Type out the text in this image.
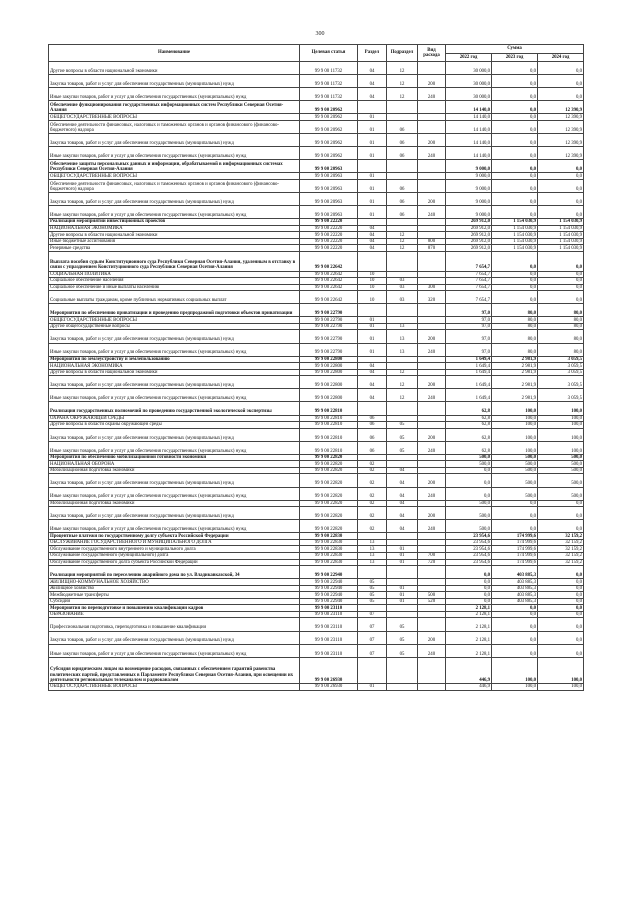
300
Наименование	Целевая статья	Раздел	Подраздел	Вид расхода	Сумма		
					2022 год	2023 год	2024 год
Другие вопросы в области национальной экономики	99 9 00 11732	04	12		30 000,0	0,0	0,0
Закупка товаров, работ и услуг для обеспечения государственных (муниципальных) нужд	99 9 00 11732	04	12	200	30 000,0	0,0	0,0
Иные закупки товаров, работ и услуг для обеспечения государственных (муниципальных) нужд	99 9 00 11732	04	12	240	30 000,0	0,0	0,0
Обеспечение функционирования государственных информационных систем Республики Северная Осетия-Алания	99 9 00 20962				14 140,0	0,0	12 390,9
ОБЩЕГОСУДАРСТВЕННЫЕ ВОПРОСЫ	99 9 00 20962	01			14 140,0	0,0	12 390,9
Обеспечение деятельности финансовых, налоговых и таможенных органов и органов финансового (финансово-бюджетного) надзора	99 9 00 20962	01	06		14 140,0	0,0	12 390,9
Закупка товаров, работ и услуг для обеспечения государственных (муниципальных) нужд	99 9 00 20962	01	06	200	14 140,0	0,0	12 390,9
Иные закупки товаров, работ и услуг для обеспечения государственных (муниципальных) нужд	99 9 00 20962	01	06	240	14 140,0	0,0	12 390,9
Обеспечение защиты персональных данных и информации, обрабатываемой в информационных системах Республики Северная Осетия-Алания	99 9 00 20963				9 000,0	0,0	0,0
ОБЩЕГОСУДАРСТВЕННЫЕ ВОПРОСЫ	99 9 00 20963	01			9 000,0	0,0	0,0
Обеспечение деятельности финансовых, налоговых и таможенных органов и органов финансового (финансово-бюджетного) надзора	99 9 00 20963	01	06		9 000,0	0,0	0,0
Закупка товаров, работ и услуг для обеспечения государственных (муниципальных) нужд	99 9 00 20963	01	06	200	9 000,0	0,0	0,0
Иные закупки товаров, работ и услуг для обеспечения государственных (муниципальных) нужд	99 9 00 20963	01	06	240	9 000,0	0,0	0,0
Реализация мероприятий инвестиционных проектов	99 9 00 22220				269 912,0	1 154 030,9	1 154 030,9
НАЦИОНАЛЬНАЯ ЭКОНОМИКА	99 9 00 22220	04			269 912,0	1 154 030,9	1 154 030,9
Другие вопросы в области национальной экономики	99 9 00 22220	04	12		269 912,0	1 154 030,9	1 154 030,9
Иные бюджетные ассигнования	99 9 00 22220	04	12	800	269 912,0	1 154 030,9	1 154 030,9
Резервные средства	99 9 00 22220	04	12	870	269 912,0	1 154 030,9	1 154 030,9
Выплата пособия судьям Конституционного суда Республики Северная Осетия-Алания, удаленным в отставку в связи с упразднением Конституционного суда Республики Северная Осетия-Алания	99 9 00 22642				7 654,7	0,0	0,0
СОЦИАЛЬНАЯ ПОЛИТИКА	99 9 00 22642	10			7 654,7	0,0	0,0
Социальное обеспечение населения	99 9 00 22642	10	03		7 654,7	0,0	0,0
Социальное обеспечение и иные выплаты населению	99 9 00 22642	10	03	300	7 654,7	0,0	0,0
Социальные выплаты гражданам, кроме публичных нормативных социальных выплат	99 9 00 22642	10	03	320	7 654,7	0,0	0,0
Мероприятия по обеспечению приватизации и проведению предпродажной подготовки объектов приватизации	99 9 00 22790				97,0	80,0	80,0
ОБЩЕГОСУДАРСТВЕННЫЕ ВОПРОСЫ	99 9 00 22790	01			97,0	80,0	80,0
Другие общегосударственные вопросы	99 9 00 22790	01	13		97,0	80,0	80,0
Закупка товаров, работ и услуг для обеспечения государственных (муниципальных) нужд	99 9 00 22790	01	13	200	97,0	80,0	80,0
Иные закупки товаров, работ и услуг для обеспечения государственных (муниципальных) нужд	99 9 00 22790	01	13	240	97,0	80,0	80,0
Мероприятия по землеустройству и землепользованию	99 9 00 22800				1 649,4	2 981,9	3 059,5
НАЦИОНАЛЬНАЯ ЭКОНОМИКА	99 9 00 22800	04			1 649,4	2 981,9	3 059,5
Другие вопросы в области национальной экономики	99 9 00 22800	04	12		1 649,4	2 981,9	3 059,5
Закупка товаров, работ и услуг для обеспечения государственных (муниципальных) нужд	99 9 00 22800	04	12	200	1 649,4	2 981,9	3 059,5
Иные закупки товаров, работ и услуг для обеспечения государственных (муниципальных) нужд	99 9 00 22800	04	12	240	1 649,4	2 981,9	3 059,5
Реализация государственных полномочий по проведению государственной экологической экспертизы	99 9 00 22810				62,8	100,0	100,0
ОХРАНА ОКРУЖАЮЩЕЙ СРЕДЫ	99 9 00 22810	06			62,8	100,0	100,0
Другие вопросы в области охраны окружающей среды	99 9 00 22810	06	05		62,8	100,0	100,0
Закупка товаров, работ и услуг для обеспечения государственных (муниципальных) нужд	99 9 00 22810	06	05	200	62,8	100,0	100,0
Иные закупки товаров, работ и услуг для обеспечения государственных (муниципальных) нужд	99 9 00 22810	06	05	240	62,8	100,0	100,0
Мероприятия по обеспечению мобилизационной готовности экономики	99 9 00 22820				500,0	500,0	500,0
НАЦИОНАЛЬНАЯ ОБОРОНА	99 9 00 22820	02			500,0	500,0	500,0
Мобилизационная подготовка экономики	99 9 00 22820	02	04		0,0	500,0	500,0
Закупка товаров, работ и услуг для обеспечения государственных (муниципальных) нужд	99 9 00 22820	02	04	200	0,0	500,0	500,0
Иные закупки товаров, работ и услуг для обеспечения государственных (муниципальных) нужд	99 9 00 22820	02	04	240	0,0	500,0	500,0
Мобилизационная подготовка экономики	99 9 00 22820	02	04		500,0	0,0	0,0
Закупка товаров, работ и услуг для обеспечения государственных (муниципальных) нужд	99 9 00 22820	02	04	200	500,0	0,0	0,0
Иные закупки товаров, работ и услуг для обеспечения государственных (муниципальных) нужд	99 9 00 22820	02	04	240	500,0	0,0	0,0
Процентные платежи по государственному долгу субъекта Российской Федерации	99 9 00 22830				23 954,6	174 999,6	32 159,2
ОБСЛУЖИВАНИЕ ГОСУДАРСТВЕННОГО И МУНИЦИПАЛЬНОГО ДОЛГА	99 9 00 22830	13			23 954,6	174 999,6	32 159,2
Обслуживание государственного внутреннего и муниципального долга	99 9 00 22830	13	01		23 954,6	174 999,6	32 159,2
Обслуживание государственного (муниципального) долга	99 9 00 22830	13	01	700	23 954,6	174 999,6	32 159,2
Обслуживание государственного долга субъекта Российской Федерации	99 9 00 22830	13	01	720	23 954,6	174 999,6	32 159,2
Реализация мероприятий по переселению аварийного дома по ул. Владикавказской, 34	99 9 00 22940				0,0	403 885,3	0,0
ЖИЛИЩНО-КОММУНАЛЬНОЕ ХОЗЯЙСТВО	99 9 00 22940	05			0,0	403 885,3	0,0
Жилищное хозяйство	99 9 00 22940	05	01		0,0	403 885,3	0,0
Межбюджетные трансферты	99 9 00 22940	05	01	500	0,0	403 885,3	0,0
Субсидии	99 9 00 22940	05	01	520	0,0	403 885,3	0,0
Мероприятия по переподготовке и повышению квалификации кадров	99 9 00 23110				2 128,1	0,0	0,0
ОБРАЗОВАНИЕ	99 9 00 23110	07			2 128,1	0,0	0,0
Профессиональная подготовка, переподготовка и повышение квалификации	99 9 00 23110	07	05		2 128,1	0,0	0,0
Закупка товаров, работ и услуг для обеспечения государственных (муниципальных) нужд	99 9 00 23110	07	05	200	2 128,1	0,0	0,0
Иные закупки товаров, работ и услуг для обеспечения государственных (муниципальных) нужд	99 9 00 23110	07	05	240	2 128,1	0,0	0,0
Субсидия юридическим лицам на возмещение расходов, связанных с обеспечением гарантий равенства политических партий, представленных в Парламенте Республики Северная Осетия-Алания, при освещении их деятельности региональным телеканалом и радиоканалом	99 9 00 26930				446,9	100,0	100,0
ОБЩЕГОСУДАРСТВЕННЫЕ ВОПРОСЫ	99 9 00 26930	01			446,9	100,0	100,0
